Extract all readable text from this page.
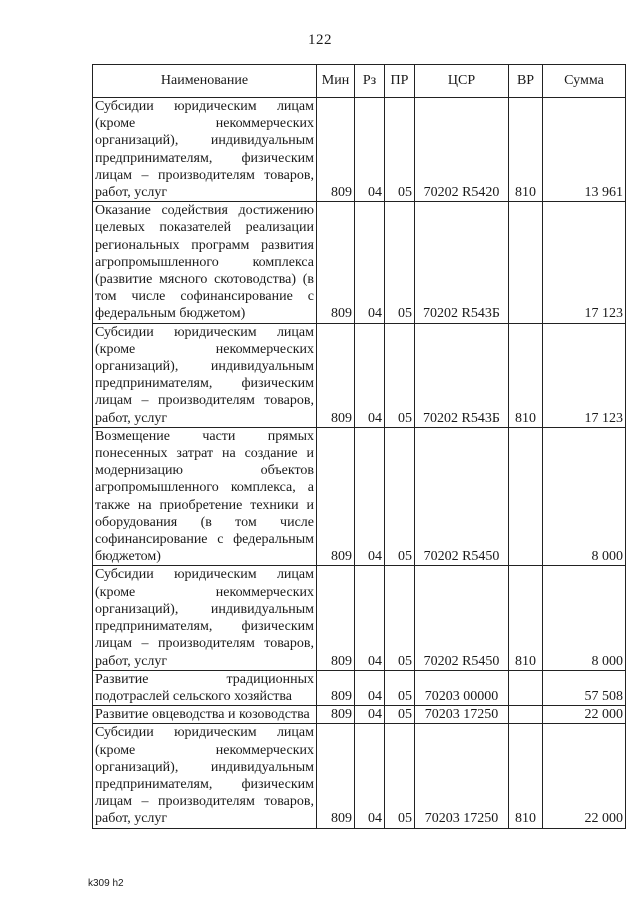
122
Наименование	Мин	Рз	ПР	ЦСР	ВР	Сумма
Субсидии юридическим лицам (кроме некоммерческих организаций), индивидуальным предпринимателям, физическим лицам – производителям товаров, работ, услуг	809	04	05	70202 R5420	810	13 961
Оказание содействия достижению целевых показателей реализации региональных программ развития агропромышленного комплекса (развитие мясного скотоводства) (в том числе софинансирование с федеральным бюджетом)	809	04	05	70202 R543Б		17 123
Субсидии юридическим лицам (кроме некоммерческих организаций), индивидуальным предпринимателям, физическим лицам – производителям товаров, работ, услуг	809	04	05	70202 R543Б	810	17 123
Возмещение части прямых понесенных затрат на создание и модернизацию объектов агропромышленного комплекса, а также на приобретение техники и оборудования (в том числе софинансирование с федеральным бюджетом)	809	04	05	70202 R5450		8 000
Субсидии юридическим лицам (кроме некоммерческих организаций), индивидуальным предпринимателям, физическим лицам – производителям товаров, работ, услуг	809	04	05	70202 R5450	810	8 000
Развитие традиционных подотраслей сельского хозяйства	809	04	05	70203 00000		57 508
Развитие овцеводства и козоводства	809	04	05	70203 17250		22 000
Субсидии юридическим лицам (кроме некоммерческих организаций), индивидуальным предпринимателям, физическим лицам – производителям товаров, работ, услуг	809	04	05	70203 17250	810	22 000
k309 h2
